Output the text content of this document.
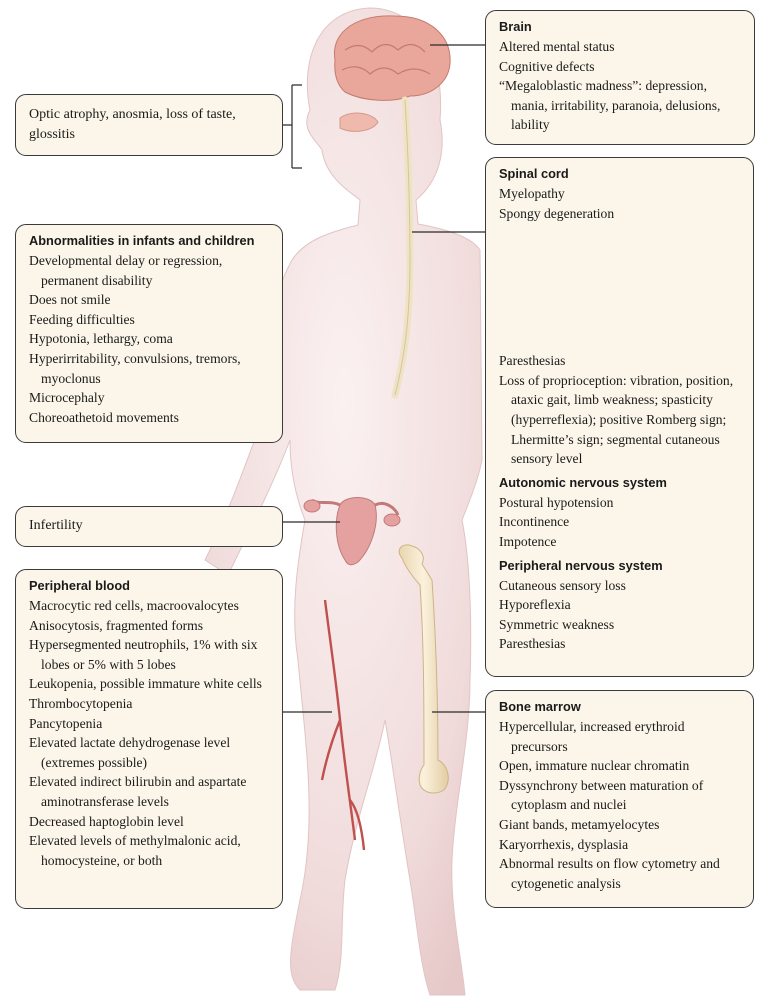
Brain
Altered mental status
Cognitive defects
“Megaloblastic madness”: depression, mania, irritability, paranoia, delusions, lability
Optic atrophy, anosmia, loss of taste, glossitis
Spinal cord
Myelopathy
Spongy degeneration
Paresthesias
Loss of proprioception: vibration, position, ataxic gait, limb weakness; spasticity (hyperreflexia); positive Romberg sign; Lhermitte’s sign; segmental cutaneous sensory level
Autonomic nervous system
Postural hypotension
Incontinence
Impotence
Peripheral nervous system
Cutaneous sensory loss
Hyporeflexia
Symmetric weakness
Paresthesias
Abnormalities in infants and children
Developmental delay or regression, permanent disability
Does not smile
Feeding difficulties
Hypotonia, lethargy, coma
Hyperirritability, convulsions, tremors, myoclonus
Microcephaly
Choreoathetoid movements
Infertility
Peripheral blood
Macrocytic red cells, macroovalocytes
Anisocytosis, fragmented forms
Hypersegmented neutrophils, 1% with six lobes or 5% with 5 lobes
Leukopenia, possible immature white cells
Thrombocytopenia
Pancytopenia
Elevated lactate dehydrogenase level (extremes possible)
Elevated indirect bilirubin and aspartate aminotransferase levels
Decreased haptoglobin level
Elevated levels of methylmalonic acid, homocysteine, or both
Bone marrow
Hypercellular, increased erythroid precursors
Open, immature nuclear chromatin
Dyssynchrony between maturation of cytoplasm and nuclei
Giant bands, metamyelocytes
Karyorrhexis, dysplasia
Abnormal results on flow cytometry and cytogenetic analysis
